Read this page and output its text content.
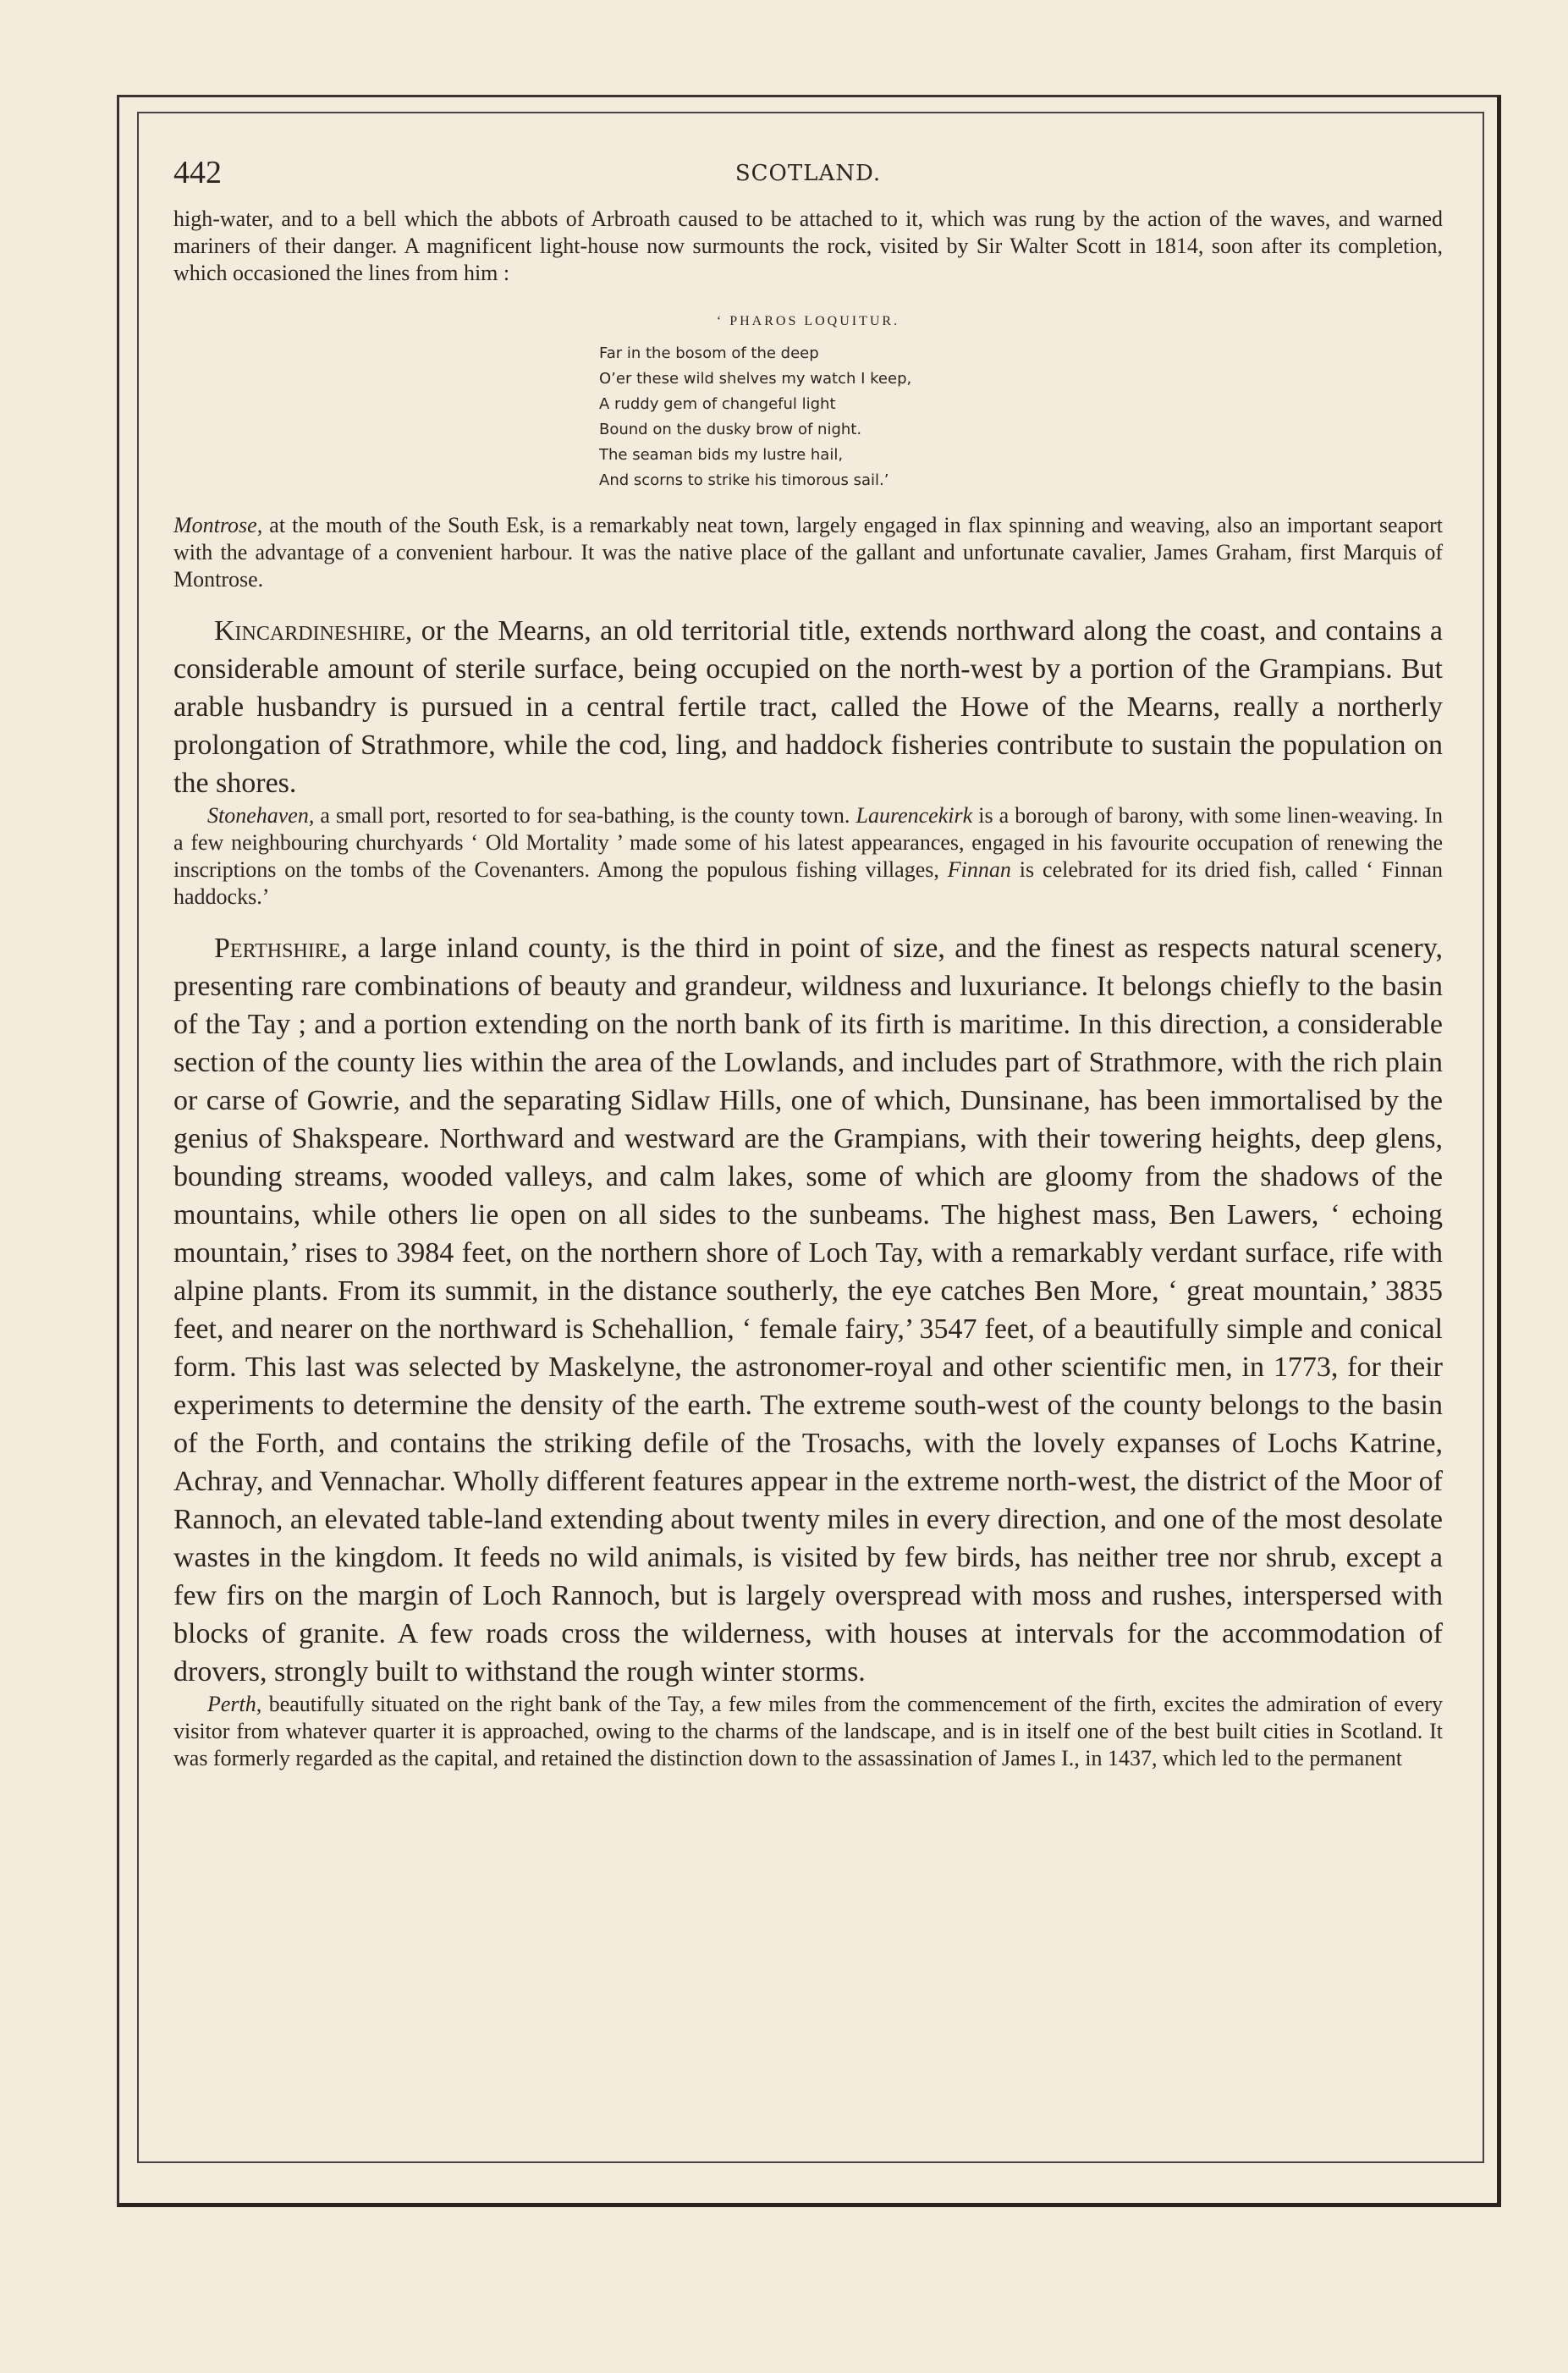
442	SCOTLAND.

high-water, and to a bell which the abbots of Arbroath caused to be attached to it, which was rung by the action of the waves, and warned mariners of their danger. A magnificent light-house now surmounts the rock, visited by Sir Walter Scott in 1814, soon after its completion, which occasioned the lines from him :

‘ PHAROS LOQUITUR.
Far in the bosom of the deep
O’er these wild shelves my watch I keep,
A ruddy gem of changeful light
Bound on the dusky brow of night.
The seaman bids my lustre hail,
And scorns to strike his timorous sail.’

Montrose, at the mouth of the South Esk, is a remarkably neat town, largely engaged in flax spinning and weaving, also an important seaport with the advantage of a convenient harbour. It was the native place of the gallant and unfortunate cavalier, James Graham, first Marquis of Montrose.

Kincardineshire, or the Mearns, an old territorial title, extends northward along the coast, and contains a considerable amount of sterile surface, being occupied on the north-west by a portion of the Grampians. But arable husbandry is pursued in a central fertile tract, called the Howe of the Mearns, really a northerly prolongation of Strathmore, while the cod, ling, and haddock fisheries contribute to sustain the population on the shores.

Stonehaven, a small port, resorted to for sea-bathing, is the county town. Laurencekirk is a borough of barony, with some linen-weaving. In a few neighbouring churchyards ‘ Old Mortality ’ made some of his latest appearances, engaged in his favourite occupation of renewing the inscriptions on the tombs of the Covenanters. Among the populous fishing villages, Finnan is celebrated for its dried fish, called ‘ Finnan haddocks.’

Perthshire, a large inland county, is the third in point of size, and the finest as respects natural scenery, presenting rare combinations of beauty and grandeur, wildness and luxuriance. It belongs chiefly to the basin of the Tay ; and a portion extending on the north bank of its firth is maritime. In this direction, a considerable section of the county lies within the area of the Lowlands, and includes part of Strathmore, with the rich plain or carse of Gowrie, and the separating Sidlaw Hills, one of which, Dunsinane, has been immortalised by the genius of Shakspeare. Northward and westward are the Grampians, with their towering heights, deep glens, bounding streams, wooded valleys, and calm lakes, some of which are gloomy from the shadows of the mountains, while others lie open on all sides to the sunbeams. The highest mass, Ben Lawers, ‘ echoing mountain,’ rises to 3984 feet, on the northern shore of Loch Tay, with a remarkably verdant surface, rife with alpine plants. From its summit, in the distance southerly, the eye catches Ben More, ‘ great mountain,’ 3835 feet, and nearer on the northward is Schehallion, ‘ female fairy,’ 3547 feet, of a beautifully simple and conical form. This last was selected by Maskelyne, the astronomer-royal and other scientific men, in 1773, for their experiments to determine the density of the earth. The extreme south-west of the county belongs to the basin of the Forth, and contains the striking defile of the Trosachs, with the lovely expanses of Lochs Katrine, Achray, and Vennachar. Wholly different features appear in the extreme north-west, the district of the Moor of Rannoch, an elevated table-land extending about twenty miles in every direction, and one of the most desolate wastes in the kingdom. It feeds no wild animals, is visited by few birds, has neither tree nor shrub, except a few firs on the margin of Loch Rannoch, but is largely overspread with moss and rushes, interspersed with blocks of granite. A few roads cross the wilderness, with houses at intervals for the accommodation of drovers, strongly built to withstand the rough winter storms.

Perth, beautifully situated on the right bank of the Tay, a few miles from the commencement of the firth, excites the admiration of every visitor from whatever quarter it is approached, owing to the charms of the landscape, and is in itself one of the best built cities in Scotland. It was formerly regarded as the capital, and retained the distinction down to the assassination of James I., in 1437, which led to the permanent
